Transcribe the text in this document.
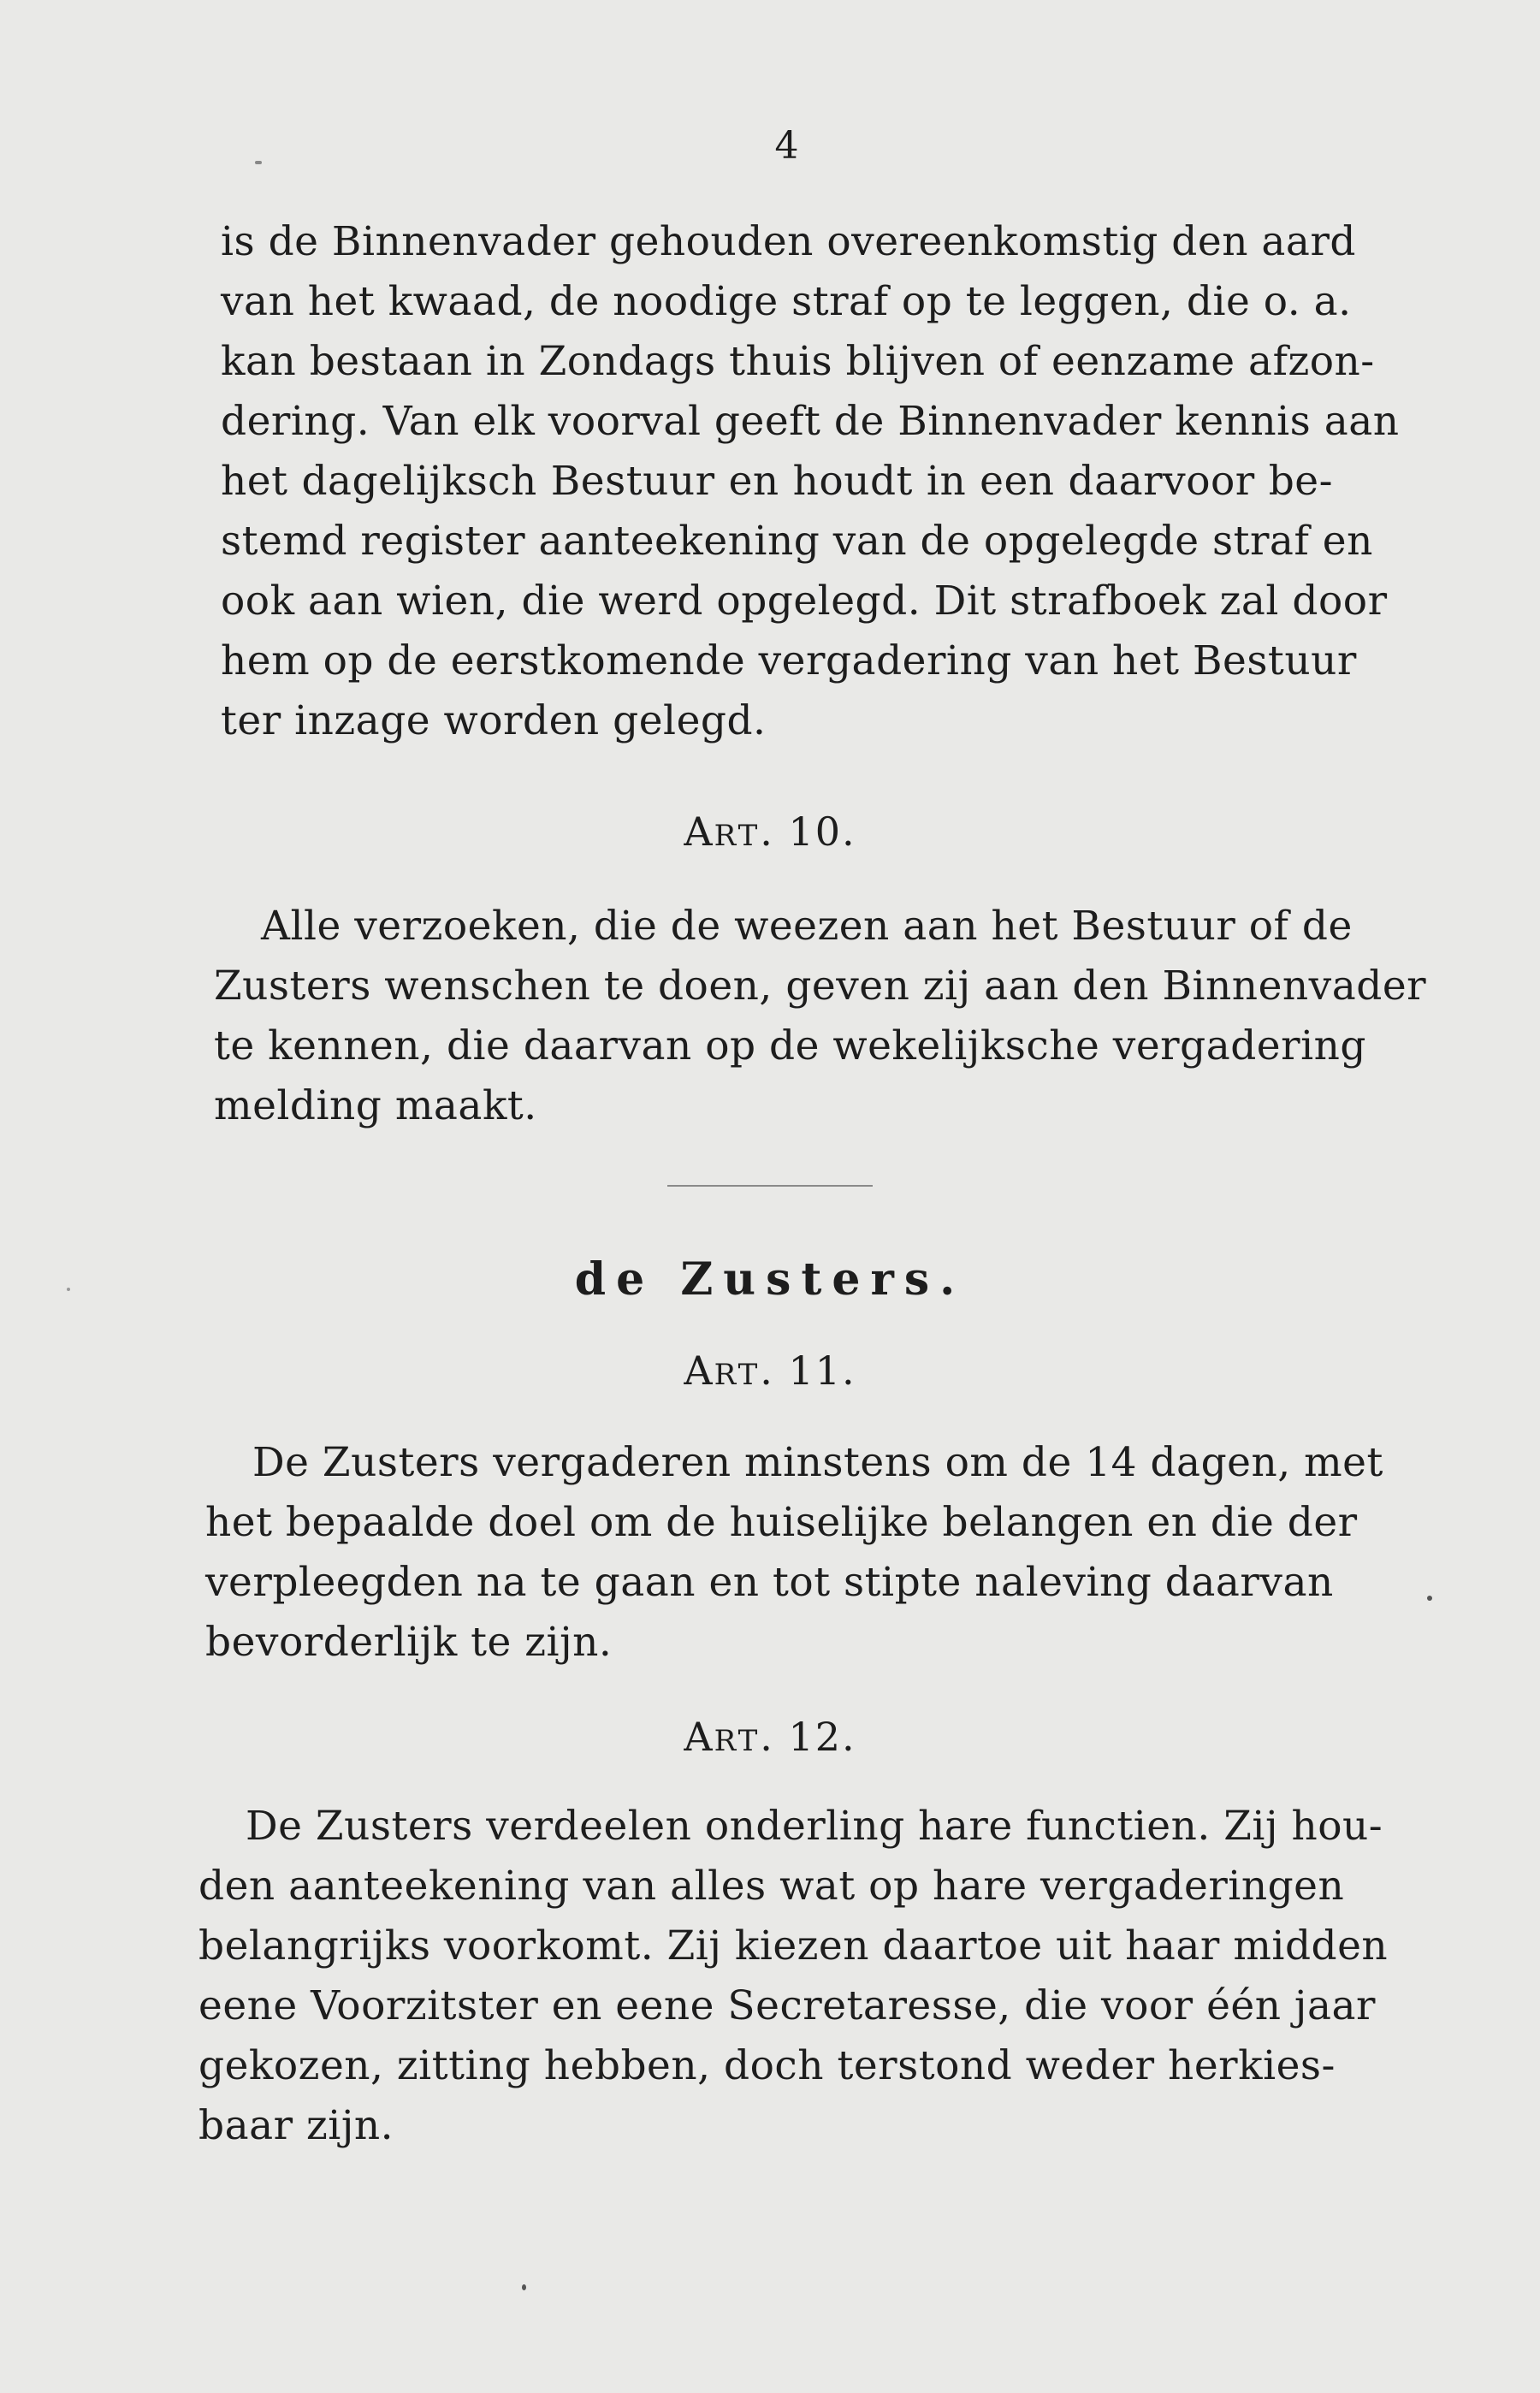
4
is de Binnenvader gehouden overeenkomstig den aard
van het kwaad, de noodige straf op te leggen, die o. a.
kan bestaan in Zondags thuis blijven of eenzame afzon-
dering. Van elk voorval geeft de Binnenvader kennis aan
het dagelijksch Bestuur en houdt in een daarvoor be-
stemd register aanteekening van de opgelegde straf en
ook aan wien, die werd opgelegd. Dit strafboek zal door
hem op de eerstkomende vergadering van het Bestuur
ter inzage worden gelegd.
ART. 10.
Alle verzoeken, die de weezen aan het Bestuur of de
Zusters wenschen te doen, geven zij aan den Binnenvader
te kennen, die daarvan op de wekelijksche vergadering
melding maakt.
de Zusters.
ART. 11.
De Zusters vergaderen minstens om de 14 dagen, met
het bepaalde doel om de huiselijke belangen en die der
verpleegden na te gaan en tot stipte naleving daarvan
bevorderlijk te zijn.
ART. 12.
De Zusters verdeelen onderling hare functien. Zij hou-
den aanteekening van alles wat op hare vergaderingen
belangrijks voorkomt. Zij kiezen daartoe uit haar midden
eene Voorzitster en eene Secretaresse, die voor één jaar
gekozen, zitting hebben, doch terstond weder herkies-
baar zijn.
